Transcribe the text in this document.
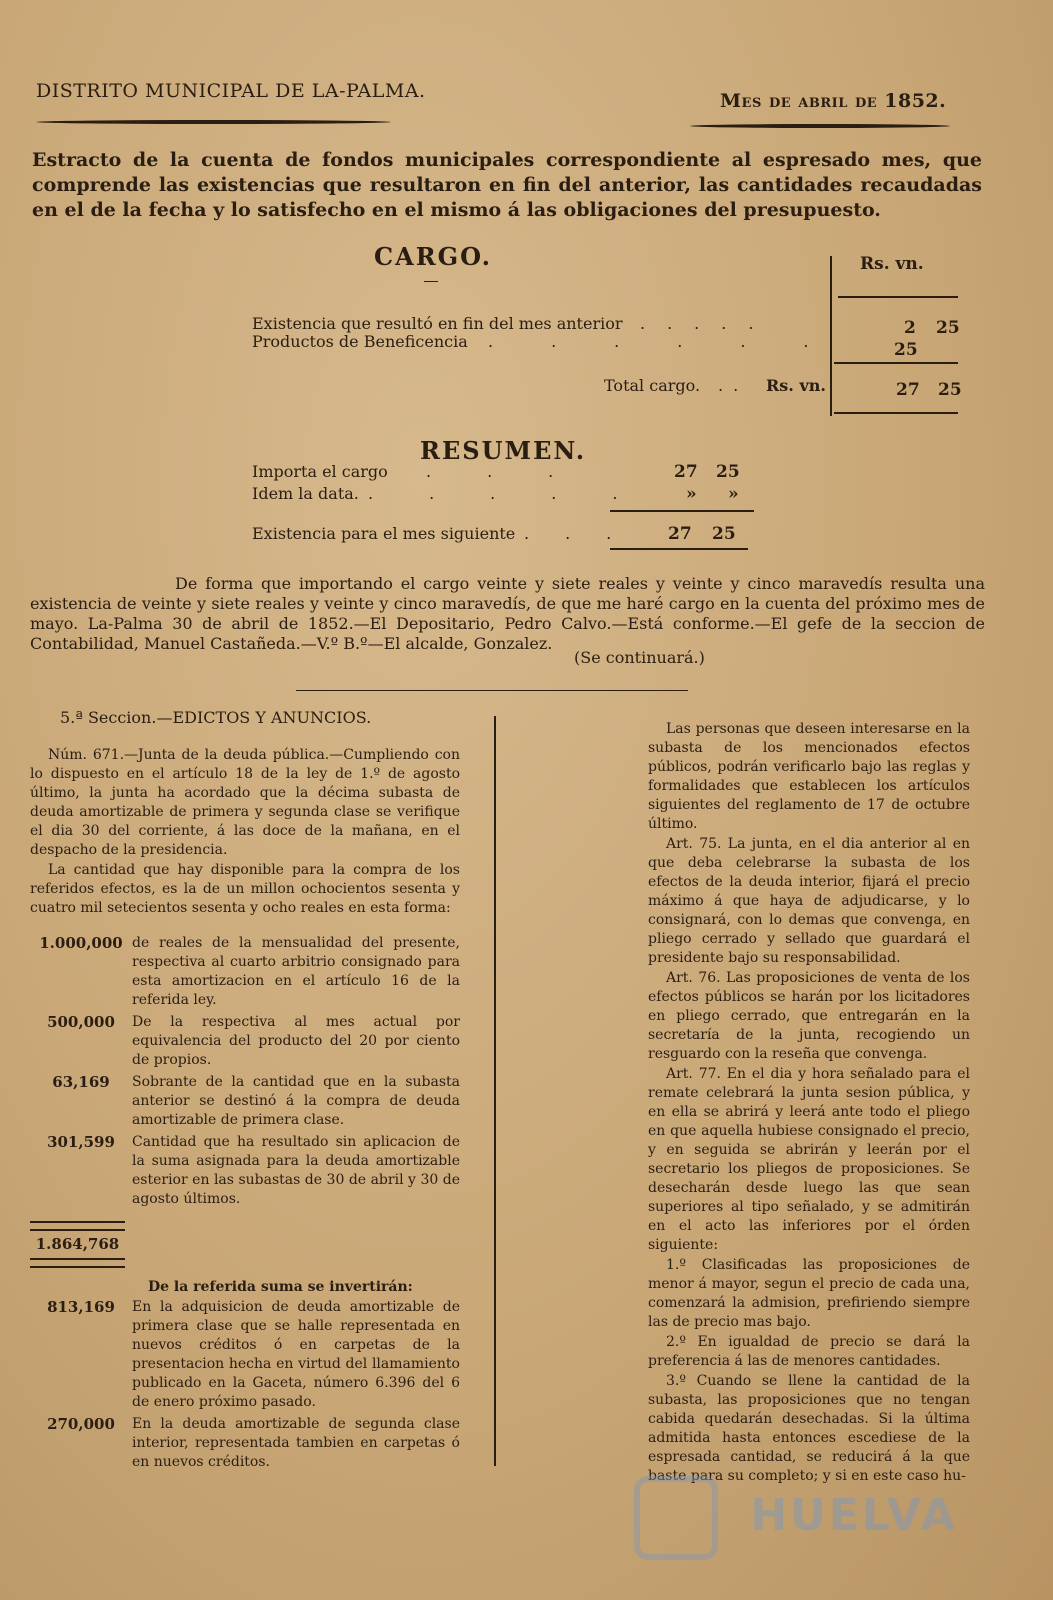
DISTRITO MUNICIPAL DE LA-PALMA.	Mes de abril de 1852.

Estracto de la cuenta de fondos municipales correspondiente al espresado mes, que comprende las existencias que resultaron en fin del anterior, las cantidades recaudadas en el de la fecha y lo satisfecho en el mismo á las obligaciones del presupuesto.

CARGO.	Rs. vn.
Existencia que resultó en fin del mes anterior .....	2 25
Productos de Beneficencia ...... 25
Total cargo. .. Rs. vn.	27 25
RESUMEN.
Importa el cargo ...	27 25
Idem la data. ..... » »
Existencia para el mes siguiente ... 27 25

De forma que importando el cargo veinte y siete reales y veinte y cinco maravedís resulta una existencia de veinte y siete reales y veinte y cinco maravedís, de que me haré cargo en la cuenta del próximo mes de mayo. La-Palma 30 de abril de 1852.—El Depositario, Pedro Calvo.—Está conforme.—El gefe de la seccion de Contabilidad, Manuel Castañeda.—V.º B.º—El alcalde, Gonzalez.

(Se continuará.)
5.ª Seccion.—EDICTOS Y ANUNCIOS.

Núm. 671.—Junta de la deuda pública.—Cumpliendo con lo dispuesto en el artículo 18 de la ley de 1.º de agosto último, la junta ha acordado que la décima subasta de deuda amortizable de primera y segunda clase se verifique el dia 30 del corriente, á las doce de la mañana, en el despacho de la presidencia.

La cantidad que hay disponible para la compra de los referidos efectos, es la de un millon ochocientos sesenta y cuatro mil setecientos sesenta y ocho reales en esta forma:

1.000,000 de reales de la mensualidad del presente, respectiva al cuarto arbitrio consignado para esta amortizacion en el artículo 16 de la referida ley.
500,000	De la respectiva al mes actual por equivalencia del producto del 20 por ciento de propios.
63,169	Sobrante de la cantidad que en la subasta anterior se destinó á la compra de deuda amortizable de primera clase.
301,599	Cantidad que ha resultado sin aplicacion de la suma asignada para la deuda amortizable esterior en las subastas de 30 de abril y 30 de agosto últimos.
1.864,768

De la referida suma se invertirán:

813,169	En la adquisicion de deuda amortizable de primera clase que se halle representada en nuevos créditos ó en carpetas de la presentacion hecha en virtud del llamamiento publicado en la Gaceta, número 6.396 del 6 de enero próximo pasado.
270,000	En la deuda amortizable de segunda clase interior, representada tambien en carpetas ó en nuevos créditos.

Las personas que deseen interesarse en la subasta de los mencionados efectos públicos, podrán verificarlo bajo las reglas y formalidades que establecen los artículos siguientes del reglamento de 17 de octubre último.

Art. 75. La junta, en el dia anterior al en que deba celebrarse la subasta de los efectos de la deuda interior, fijará el precio máximo á que haya de adjudicarse, y lo consignará, con lo demas que convenga, en pliego cerrado y sellado que guardará el presidente bajo su responsabilidad.

Art. 76. Las proposiciones de venta de los efectos públicos se harán por los licitadores en pliego cerrado, que entregarán en la secretaría de la junta, recogiendo un resguardo con la reseña que convenga.

Art. 77. En el dia y hora señalado para el remate celebrará la junta sesion pública, y en ella se abrirá y leerá ante todo el pliego en que aquella hubiese consignado el precio, y en seguida se abrirán y leerán por el secretario los pliegos de proposiciones. Se desecharán desde luego las que sean superiores al tipo señalado, y se admitirán en el acto las inferiores por el órden siguiente:

1.º Clasificadas las proposiciones de menor á mayor, segun el precio de cada una, comenzará la admision, prefiriendo siempre las de precio mas bajo.

2.º En igualdad de precio se dará la preferencia á las de menores cantidades.

3.º Cuando se llene la cantidad de la subasta, las proposiciones que no tengan cabida quedarán desechadas. Si la última admitida hasta entonces escediese de la espresada cantidad, se reducirá á la que baste para su completo; y si en este caso hu-

HUELVA
